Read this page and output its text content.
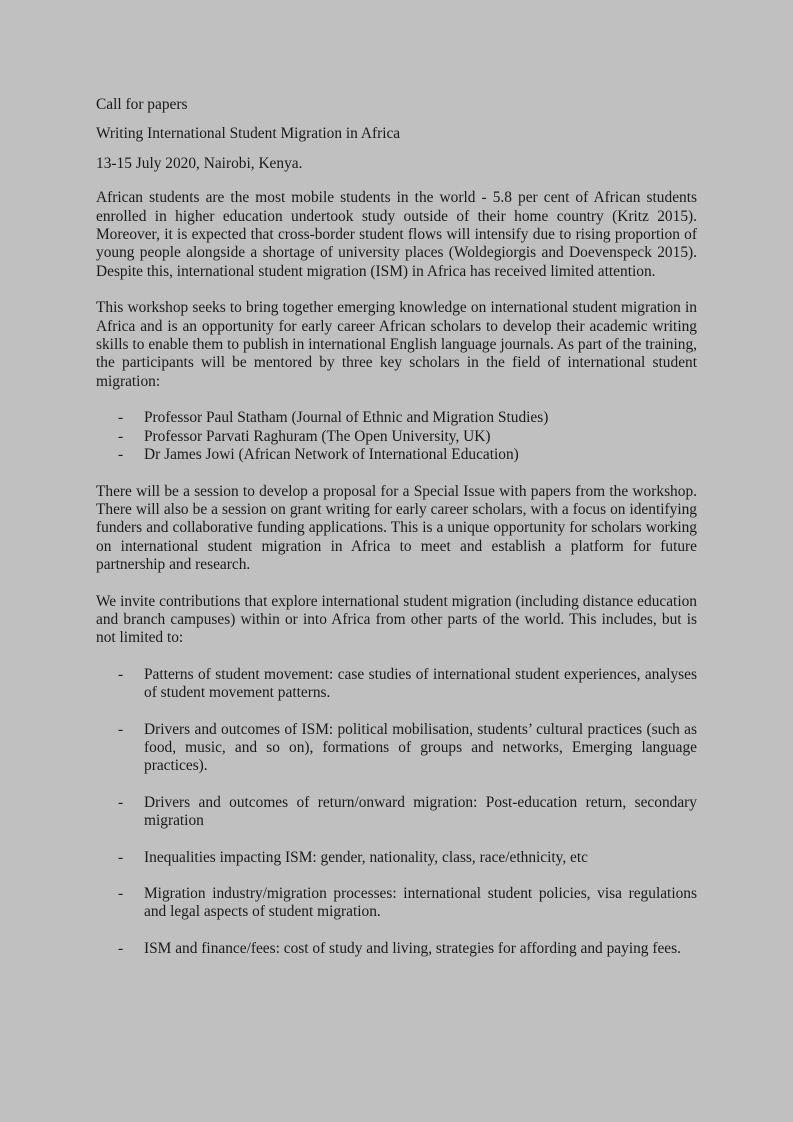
Call for papers

Writing International Student Migration in Africa

13-15 July 2020, Nairobi, Kenya.

African students are the most mobile students in the world - 5.8 per cent of African students enrolled in higher education undertook study outside of their home country (Kritz 2015). Moreover, it is expected that cross-border student flows will intensify due to rising proportion of young people alongside a shortage of university places (Woldegiorgis and Doevenspeck 2015). Despite this, international student migration (ISM) in Africa has received limited attention.

This workshop seeks to bring together emerging knowledge on international student migration in Africa and is an opportunity for early career African scholars to develop their academic writing skills to enable them to publish in international English language journals. As part of the training, the participants will be mentored by three key scholars in the field of international student migration:

- Professor Paul Statham (Journal of Ethnic and Migration Studies)
- Professor Parvati Raghuram (The Open University, UK)
- Dr James Jowi (African Network of International Education)

There will be a session to develop a proposal for a Special Issue with papers from the workshop. There will also be a session on grant writing for early career scholars, with a focus on identifying funders and collaborative funding applications. This is a unique opportunity for scholars working on international student migration in Africa to meet and establish a platform for future partnership and research.

We invite contributions that explore international student migration (including distance education and branch campuses) within or into Africa from other parts of the world. This includes, but is not limited to:

- Patterns of student movement: case studies of international student experiences, analyses of student movement patterns.
- Drivers and outcomes of ISM: political mobilisation, students’ cultural practices (such as food, music, and so on), formations of groups and networks, Emerging language practices).
- Drivers and outcomes of return/onward migration: Post-education return, secondary migration
- Inequalities impacting ISM: gender, nationality, class, race/ethnicity, etc
- Migration industry/migration processes: international student policies, visa regulations and legal aspects of student migration.
- ISM and finance/fees: cost of study and living, strategies for affording and paying fees.
